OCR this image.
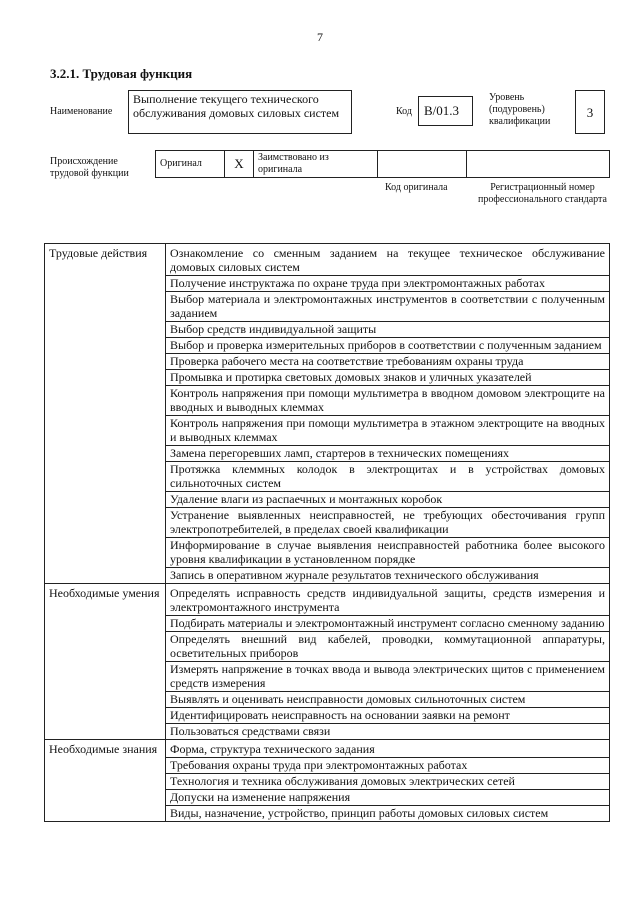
7
3.2.1. Трудовая функция
Наименование
Выполнение текущего технического обслуживания домовых силовых систем	Код B/01.3
Уровень (подуровень) квалификации
3
Происхождение трудовой функции
Оригинал	X	Заимствовано из оригинала		
Код оригинала	Регистрационный номер профессионального стандарта
Трудовые действия	Ознакомление со сменным заданием на текущее техническое обслуживание домовых силовых систем
	Получение инструктажа по охране труда при электромонтажных работах
	Выбор материала и электромонтажных инструментов в соответствии с полученным заданием
	Выбор средств индивидуальной защиты
	Выбор и проверка измерительных приборов в соответствии с полученным заданием
	Проверка рабочего места на соответствие требованиям охраны труда
	Промывка и протирка световых домовых знаков и уличных указателей
	Контроль напряжения при помощи мультиметра в вводном домовом электрощите на вводных и выводных клеммах
	Контроль напряжения при помощи мультиметра в этажном электрощите на вводных и выводных клеммах
	Замена перегоревших ламп, стартеров в технических помещениях
	Протяжка клеммных колодок в электрощитах и в устройствах домовых сильноточных систем
	Удаление влаги из распаечных и монтажных коробок
	Устранение выявленных неисправностей, не требующих обесточивания групп электропотребителей, в пределах своей квалификации
	Информирование в случае выявления неисправностей работника более высокого уровня квалификации в установленном порядке
	Запись в оперативном журнале результатов технического обслуживания
Необходимые умения	Определять исправность средств индивидуальной защиты, средств измерения и электромонтажного инструмента
	Подбирать материалы и электромонтажный инструмент согласно сменному заданию
	Определять внешний вид кабелей, проводки, коммутационной аппаратуры, осветительных приборов
	Измерять напряжение в точках ввода и вывода электрических щитов с применением средств измерения
	Выявлять и оценивать неисправности домовых сильноточных систем
	Идентифицировать неисправность на основании заявки на ремонт
	Пользоваться средствами связи
Необходимые знания	Форма, структура технического задания
	Требования охраны труда при электромонтажных работах
	Технология и техника обслуживания домовых электрических сетей
	Допуски на изменение напряжения
	Виды, назначение, устройство, принцип работы домовых силовых систем
